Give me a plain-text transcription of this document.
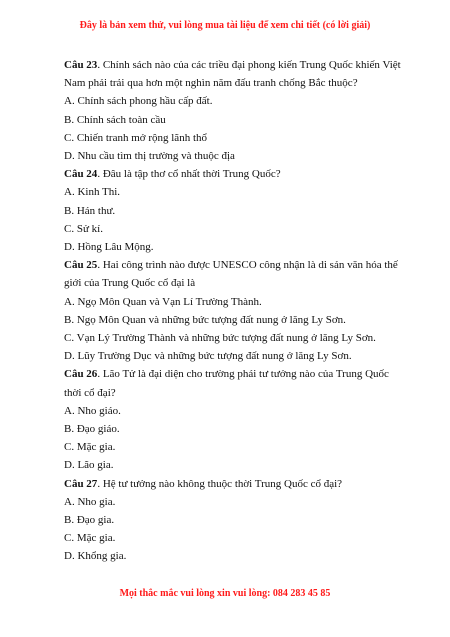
Đây là bản xem thử, vui lòng mua tài liệu để xem chi tiết (có lời giải)
Câu 23. Chính sách nào của các triều đại phong kiến Trung Quốc khiến Việt
Nam phải trải qua hơn một nghìn năm đấu tranh chống Bắc thuộc?
A. Chính sách phong hầu cấp đất.
B. Chính sách toàn cầu
C. Chiến tranh mở rộng lãnh thổ
D. Nhu cầu tìm thị trường và thuộc địa
Câu 24. Đâu là tập thơ cổ nhất thời Trung Quốc?
A. Kinh Thi.
B. Hán thư.
C. Sử kí.
D. Hồng Lâu Mộng.
Câu 25. Hai công trình nào được UNESCO công nhận là di sản văn hóa thế
giới của Trung Quốc cổ đại là
A. Ngọ Môn Quan và Vạn Lí Trường Thành.
B. Ngọ Môn Quan và những bức tượng đất nung ở lăng Ly Sơn.
C. Vạn Lý Trường Thành và những bức tượng đất nung ở lăng Ly Sơn.
D. Lũy Trường Dục và những bức tượng đất nung ở lăng Ly Sơn.
Câu 26. Lão Tử là đại diện cho trường phái tư tưởng nào của Trung Quốc
thời cổ đại?
A. Nho giáo.
B. Đạo giáo.
C. Mặc gia.
D. Lão gia.
Câu 27. Hệ tư tưởng nào không thuộc thời Trung Quốc cổ đại?
A. Nho gia.
B. Đạo gia.
C. Mặc gia.
D. Khổng gia.
Mọi thắc mắc vui lòng xin vui lòng: 084 283 45 85
